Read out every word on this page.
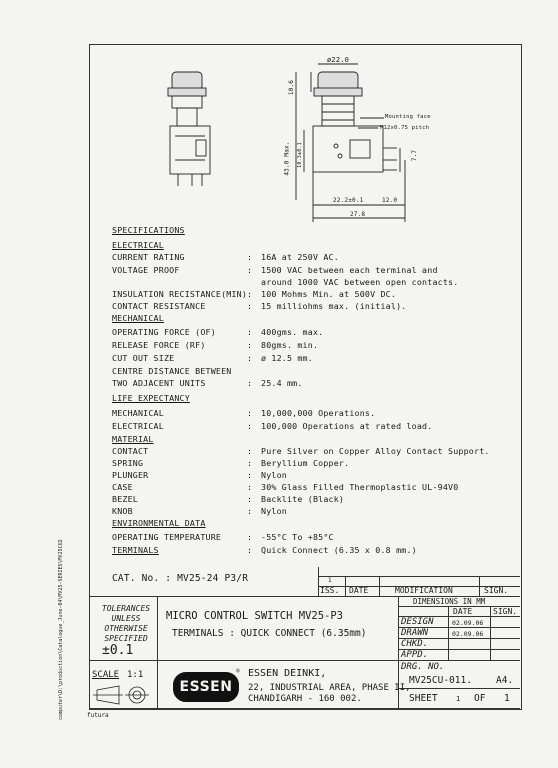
ø22.0
10.6
43.0 Max. 10.3±0.1
22.2±0.1	12.0
27.8
7.7
Mounting face
M12x0.75 pitch
SPECIFICATIONS
ELECTRICAL
CURRENT RATING	: 16A at 250V AC.
VOLTAGE PROOF	: 1500 VAC between each terminal and
around 1000 VAC between open contacts.
INSULATION RECISTANCE(MIN) : 100 Mohms Min. at 500V DC.
CONTACT RESISTANCE	: 15 milliohms max. (initial).
MECHANICAL
OPERATING FORCE (OF)	: 400gms. max.
RELEASE FORCE (RF)	: 80gms. min.
CUT OUT SIZE	: ø 12.5 mm.
CENTRE DISTANCE BETWEEN
TWO ADJACENT UNITS	: 25.4 mm.
LIFE EXPECTANCY
MECHANICAL	: 10,000,000 Operations.
ELECTRICAL	: 100,000 Operations at rated load.
MATERIAL
CONTACT	: Pure Silver on Copper Alloy Contact Support.
SPRING	: Beryllium Copper.
PLUNGER	: Nylon
CASE	: 30% Glass Filled Thermoplastic UL-94V0
BEZEL	: Backlite (Black)
KNOB	: Nylon
ENVIRONMENTAL DATA
OPERATING TEMPERATURE	: -55°C To +85°C
TERMINALS	: Quick Connect (6.35 x 0.8 mm.)
CAT. No. : MV25-24 P3/R	1
ISS. DATE	MODIFICATION	SIGN.
TOLERANCES
UNLESS
OTHERWISE
SPECIFIED
±0.1
MICRO CONTROL SWITCH MV25-P3
TERMINALS : QUICK CONNECT (6.35mm)
DIMENSIONS IN MM
DATE	SIGN.
DESIGN	02.09.06
DRAWN	02.09.06
CHKD.
APPD.
DRG. NO.
MV25CU-011.	A4.
SHEET	1 OF 1
SCALE 1:1
ESSEN
® ESSEN DEINKI,
22, INDUSTRIAL AREA, PHASE II,
CHANDIGARH - 160 002.
computer\D:\production\Catalogue_June-04\MV25-SERIES\MV25CU2	futura
